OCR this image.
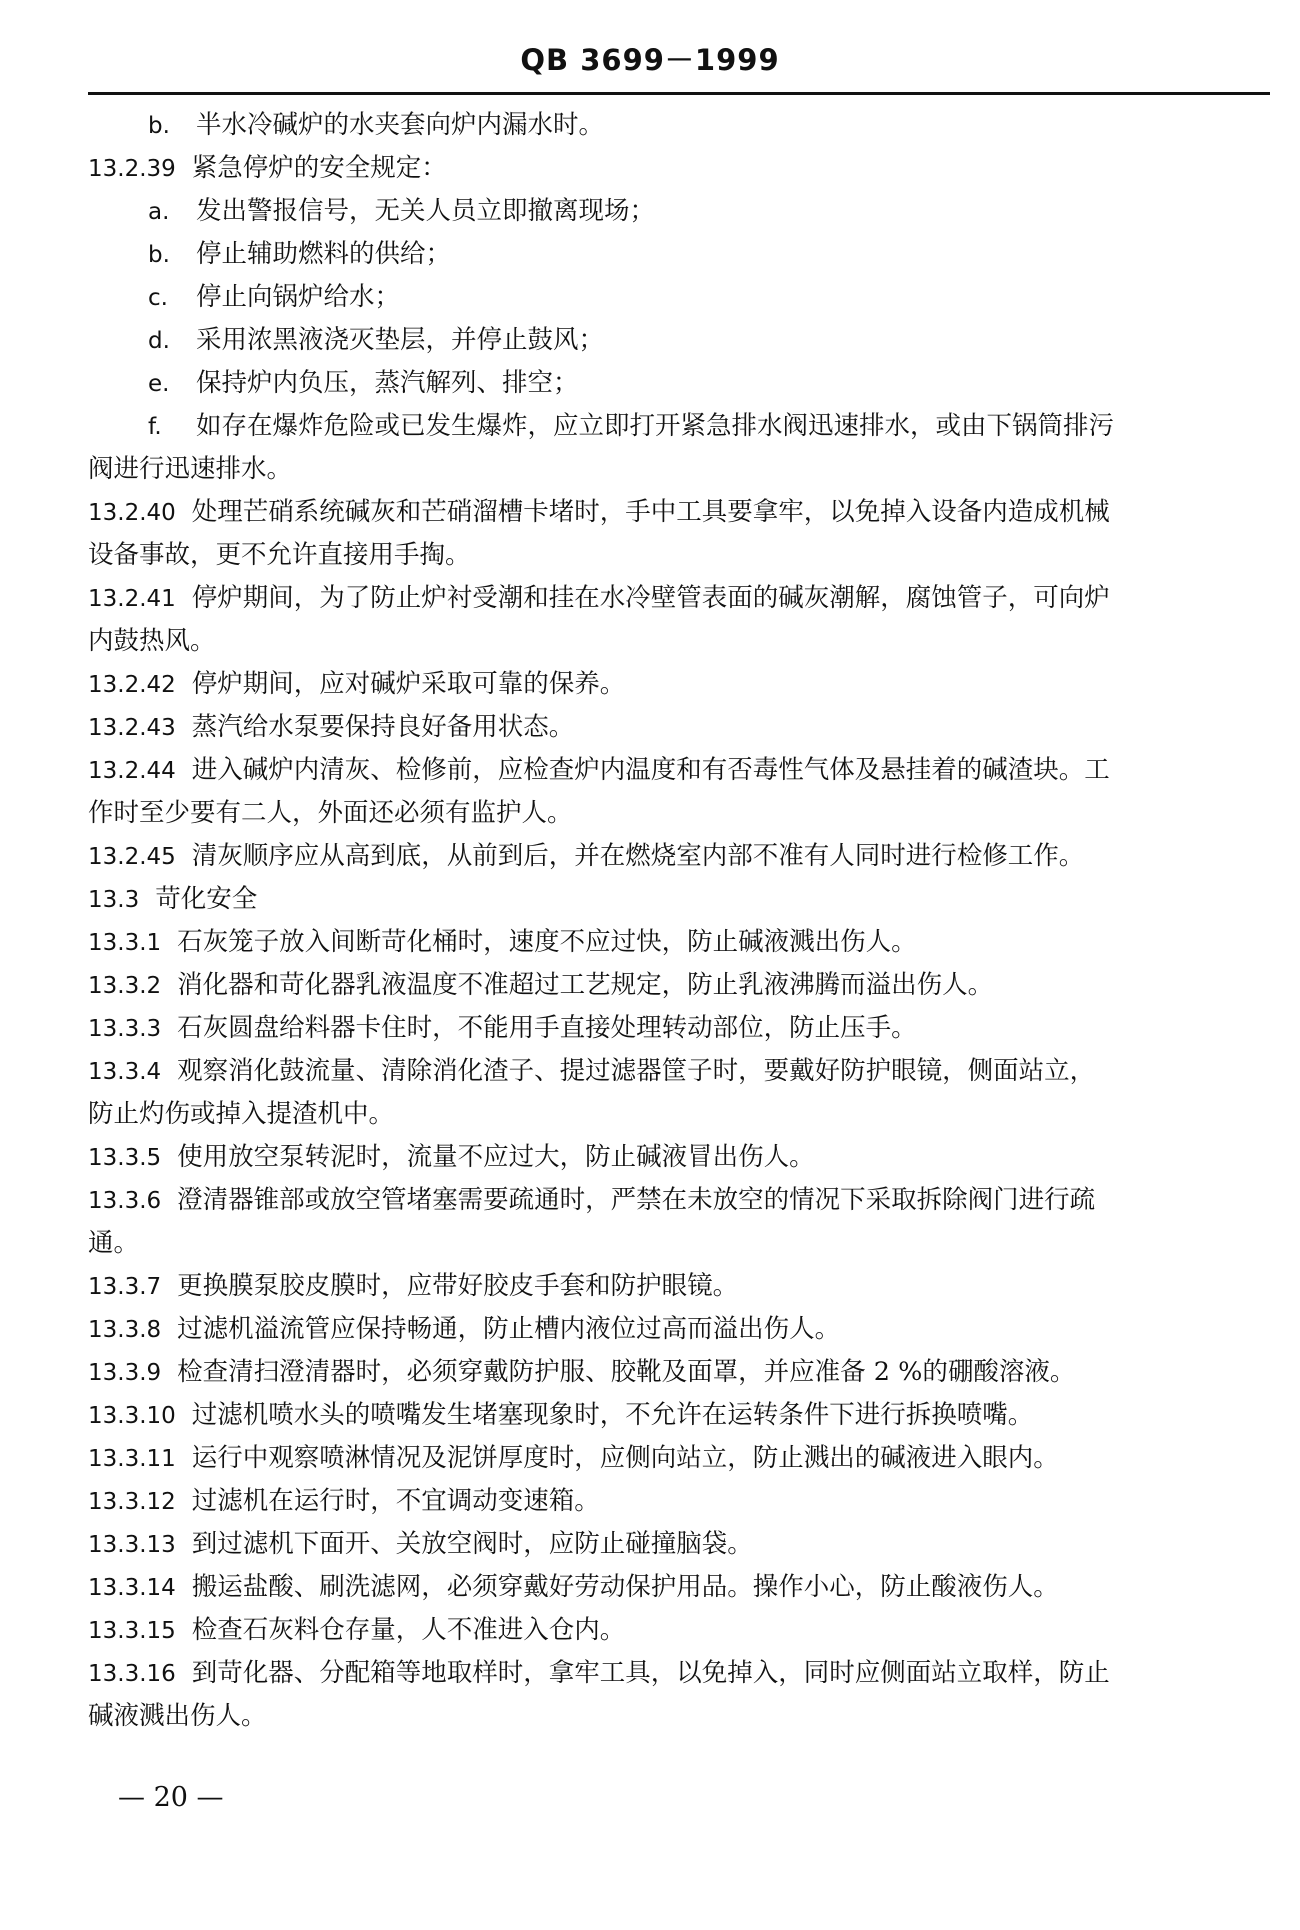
QB 3699－1999
b. 半水冷碱炉的水夹套向炉内漏水时。
13.2.39 紧急停炉的安全规定：
a. 发出警报信号，无关人员立即撤离现场；
b. 停止辅助燃料的供给；
c. 停止向锅炉给水；
d. 采用浓黑液浇灭垫层，并停止鼓风；
e. 保持炉内负压，蒸汽解列、排空；
f. 如存在爆炸危险或已发生爆炸，应立即打开紧急排水阀迅速排水，或由下锅筒排污
阀进行迅速排水。
13.2.40 处理芒硝系统碱灰和芒硝溜槽卡堵时，手中工具要拿牢，以免掉入设备内造成机械
设备事故，更不允许直接用手掏。
13.2.41 停炉期间，为了防止炉衬受潮和挂在水冷壁管表面的碱灰潮解，腐蚀管子，可向炉
内鼓热风。
13.2.42 停炉期间，应对碱炉采取可靠的保养。
13.2.43 蒸汽给水泵要保持良好备用状态。
13.2.44 进入碱炉内清灰、检修前，应检查炉内温度和有否毒性气体及悬挂着的碱渣块。工
作时至少要有二人，外面还必须有监护人。
13.2.45 清灰顺序应从高到底，从前到后，并在燃烧室内部不准有人同时进行检修工作。
13.3 苛化安全
13.3.1 石灰笼子放入间断苛化桶时，速度不应过快，防止碱液溅出伤人。
13.3.2 消化器和苛化器乳液温度不准超过工艺规定，防止乳液沸腾而溢出伤人。
13.3.3 石灰圆盘给料器卡住时，不能用手直接处理转动部位，防止压手。
13.3.4 观察消化鼓流量、清除消化渣子、提过滤器筐子时，要戴好防护眼镜，侧面站立，
防止灼伤或掉入提渣机中。
13.3.5 使用放空泵转泥时，流量不应过大，防止碱液冒出伤人。
13.3.6 澄清器锥部或放空管堵塞需要疏通时，严禁在未放空的情况下采取拆除阀门进行疏
通。
13.3.7 更换膜泵胶皮膜时，应带好胶皮手套和防护眼镜。
13.3.8 过滤机溢流管应保持畅通，防止槽内液位过高而溢出伤人。
13.3.9 检查清扫澄清器时，必须穿戴防护服、胶靴及面罩，并应准备 2 %的硼酸溶液。
13.3.10 过滤机喷水头的喷嘴发生堵塞现象时，不允许在运转条件下进行拆换喷嘴。
13.3.11 运行中观察喷淋情况及泥饼厚度时，应侧向站立，防止溅出的碱液进入眼内。
13.3.12 过滤机在运行时，不宜调动变速箱。
13.3.13 到过滤机下面开、关放空阀时，应防止碰撞脑袋。
13.3.14 搬运盐酸、刷洗滤网，必须穿戴好劳动保护用品。操作小心，防止酸液伤人。
13.3.15 检查石灰料仓存量，人不准进入仓内。
13.3.16 到苛化器、分配箱等地取样时，拿牢工具，以免掉入，同时应侧面站立取样，防止
碱液溅出伤人。
— 20 —
